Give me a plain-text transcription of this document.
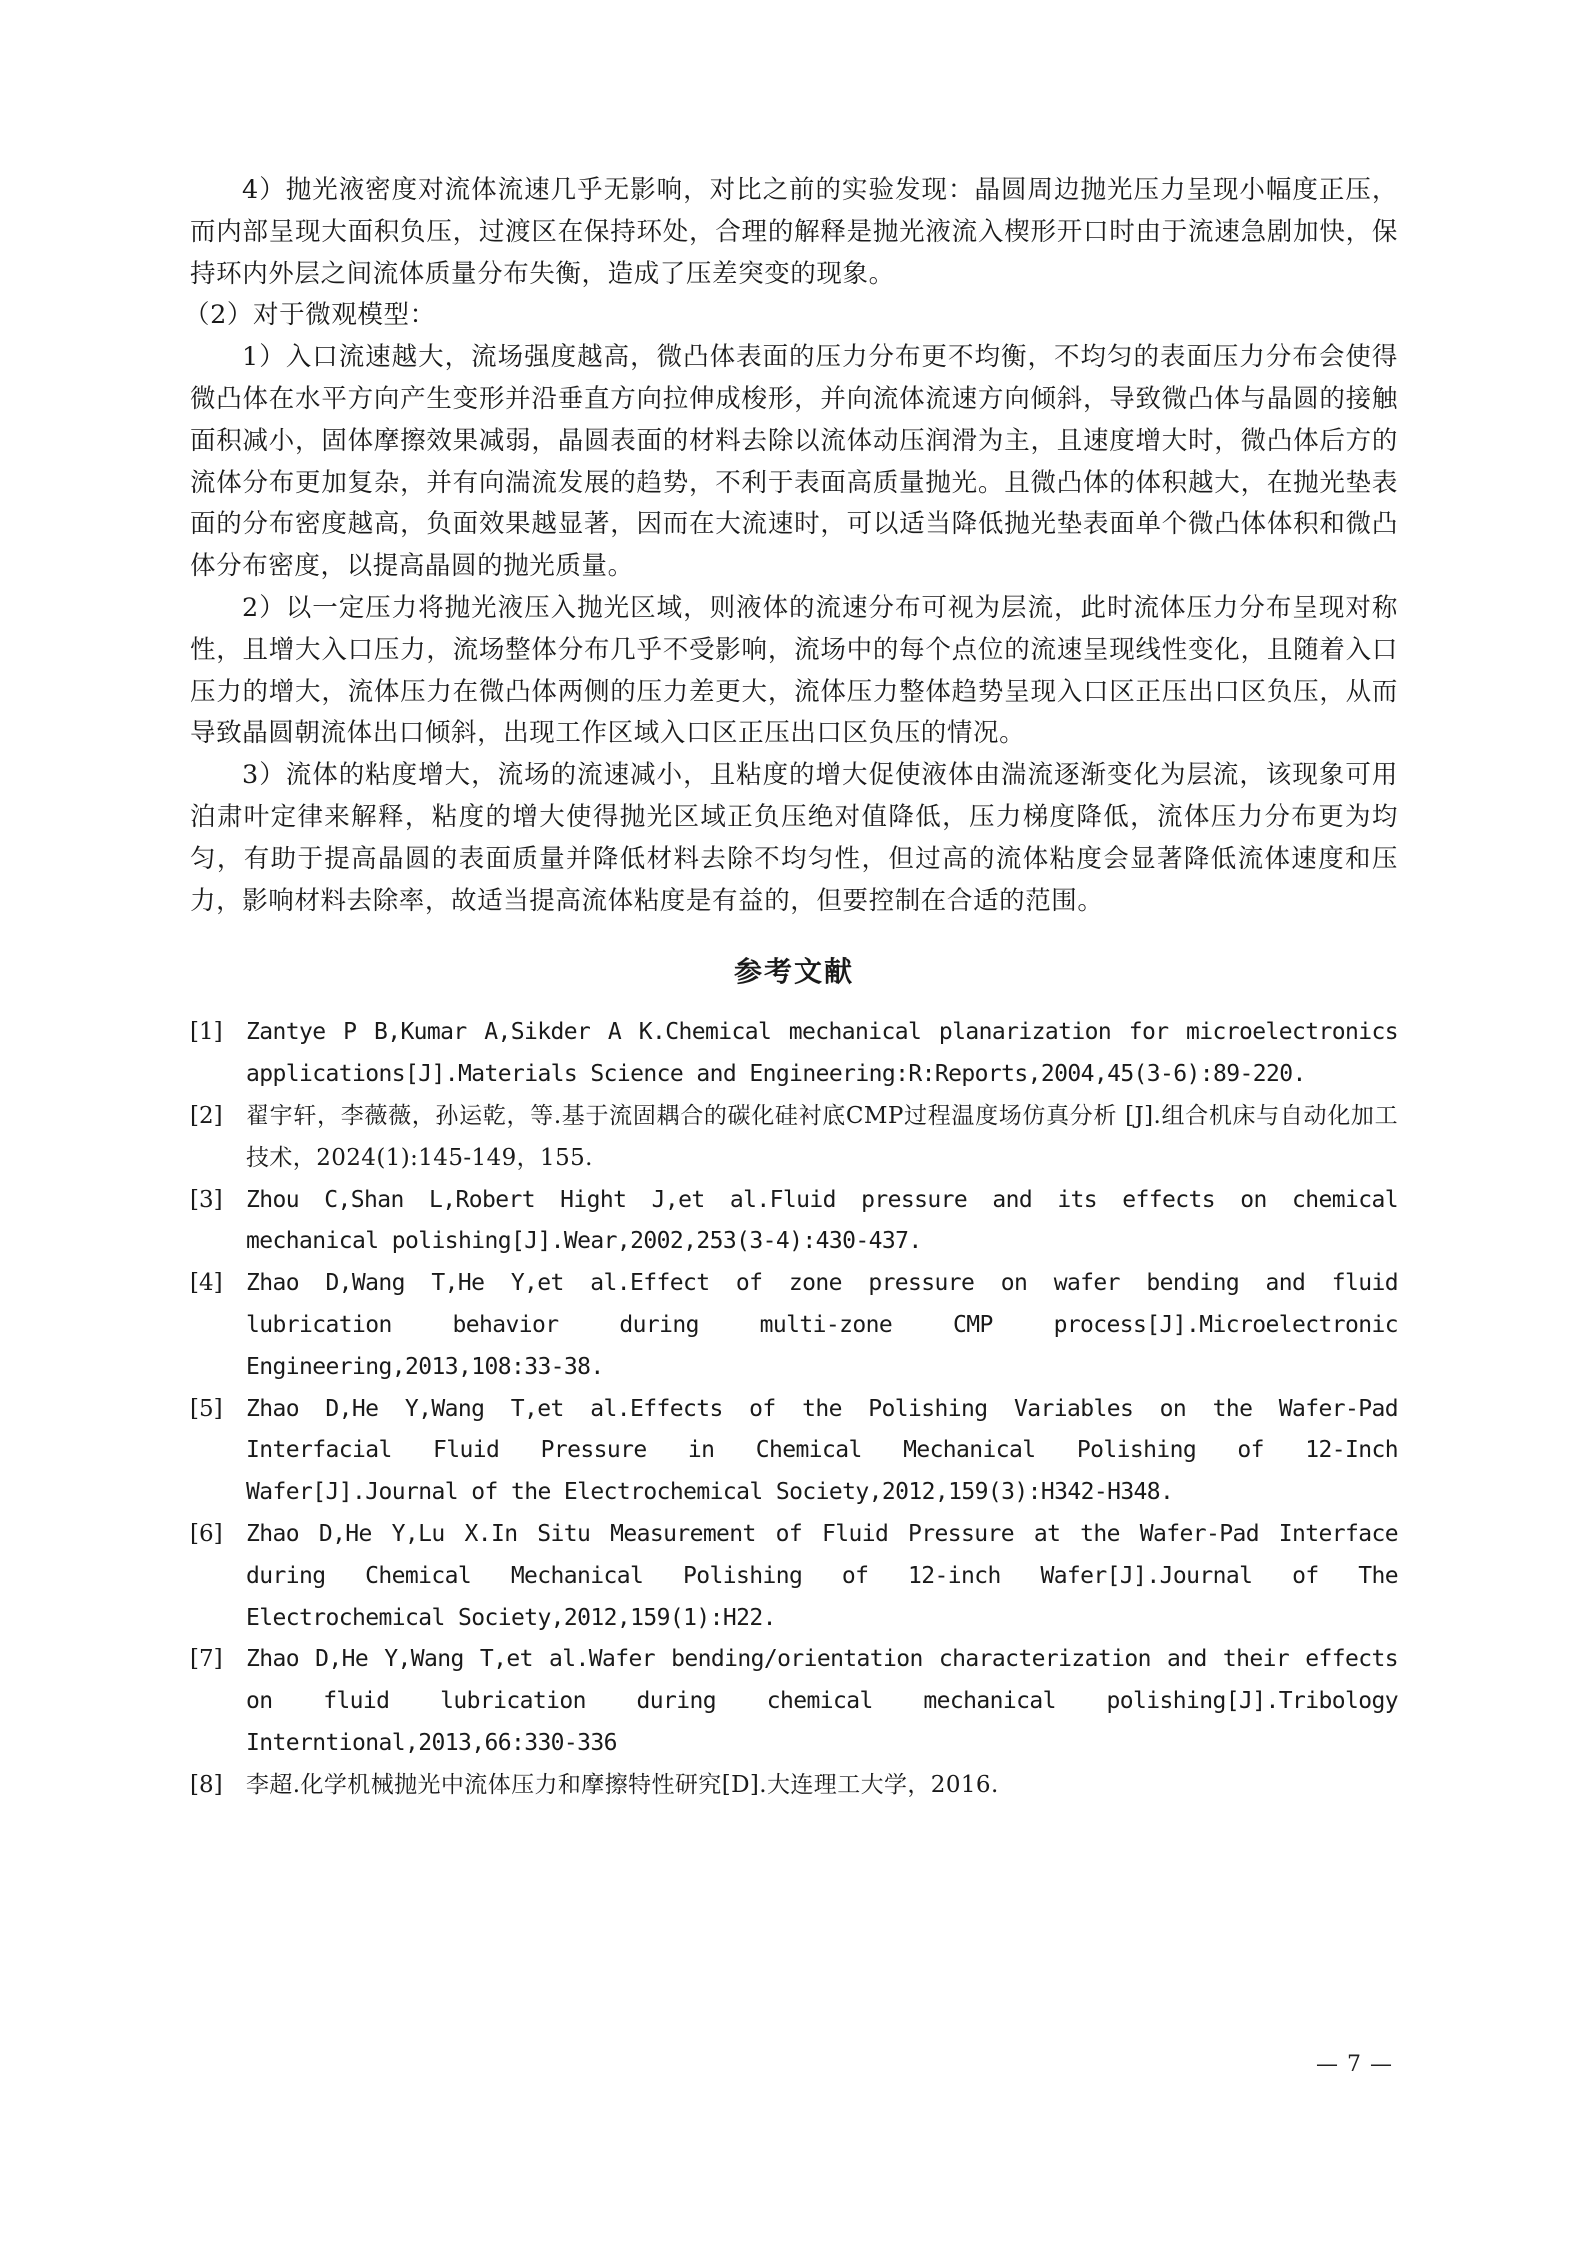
4）抛光液密度对流体流速几乎无影响，对比之前的实验发现：晶圆周边抛光压力呈现小幅度正压，而内部呈现大面积负压，过渡区在保持环处，合理的解释是抛光液流入楔形开口时由于流速急剧加快，保持环内外层之间流体质量分布失衡，造成了压差突变的现象。

（2）对于微观模型：

1）入口流速越大，流场强度越高，微凸体表面的压力分布更不均衡，不均匀的表面压力分布会使得微凸体在水平方向产生变形并沿垂直方向拉伸成梭形，并向流体流速方向倾斜，导致微凸体与晶圆的接触面积减小，固体摩擦效果减弱，晶圆表面的材料去除以流体动压润滑为主，且速度增大时，微凸体后方的流体分布更加复杂，并有向湍流发展的趋势，不利于表面高质量抛光。且微凸体的体积越大，在抛光垫表面的分布密度越高，负面效果越显著，因而在大流速时，可以适当降低抛光垫表面单个微凸体体积和微凸体分布密度，以提高晶圆的抛光质量。

2）以一定压力将抛光液压入抛光区域，则液体的流速分布可视为层流，此时流体压力分布呈现对称性，且增大入口压力，流场整体分布几乎不受影响，流场中的每个点位的流速呈现线性变化，且随着入口压力的增大，流体压力在微凸体两侧的压力差更大，流体压力整体趋势呈现入口区正压出口区负压，从而导致晶圆朝流体出口倾斜，出现工作区域入口区正压出口区负压的情况。

3）流体的粘度增大，流场的流速减小，且粘度的增大促使液体由湍流逐渐变化为层流，该现象可用泊肃叶定律来解释，粘度的增大使得抛光区域正负压绝对值降低，压力梯度降低，流体压力分布更为均匀，有助于提高晶圆的表面质量并降低材料去除不均匀性，但过高的流体粘度会显著降低流体速度和压力，影响材料去除率，故适当提高流体粘度是有益的，但要控制在合适的范围。

参考文献
[1] Zantye P B,Kumar A,Sikder A K.Chemical mechanical planarization for microelectronics applications[J].Materials Science and Engineering:R:Reports,2004,45(3-6):89-220.
[2] 翟宇轩，李薇薇，孙运乾，等.基于流固耦合的碳化硅衬底CMP过程温度场仿真分析 [J].组合机床与自动化加工技术，2024(1):145-149，155.
[3] Zhou C,Shan L,Robert Hight J,et al.Fluid pressure and its effects on chemical mechanical polishing[J].Wear,2002,253(3-4):430-437.
[4] Zhao D,Wang T,He Y,et al.Effect of zone pressure on wafer bending and fluid lubrication behavior during multi-zone CMP process[J].Microelectronic Engineering,2013,108:33-38.
[5] Zhao D,He Y,Wang T,et al.Effects of the Polishing Variables on the Wafer-Pad Interfacial Fluid Pressure in Chemical Mechanical Polishing of 12-Inch Wafer[J].Journal of the Electrochemical Society,2012,159(3):H342-H348.
[6] Zhao D,He Y,Lu X.In Situ Measurement of Fluid Pressure at the Wafer-Pad Interface during Chemical Mechanical Polishing of 12-inch Wafer[J].Journal of The Electrochemical Society,2012,159(1):H22.
[7] Zhao D,He Y,Wang T,et al.Wafer bending/orientation characterization and their effects on fluid lubrication during chemical mechanical polishing[J].Tribology Interntional,2013,66:330-336
[8] 李超.化学机械抛光中流体压力和摩擦特性研究[D].大连理工大学，2016.
— 7 —
